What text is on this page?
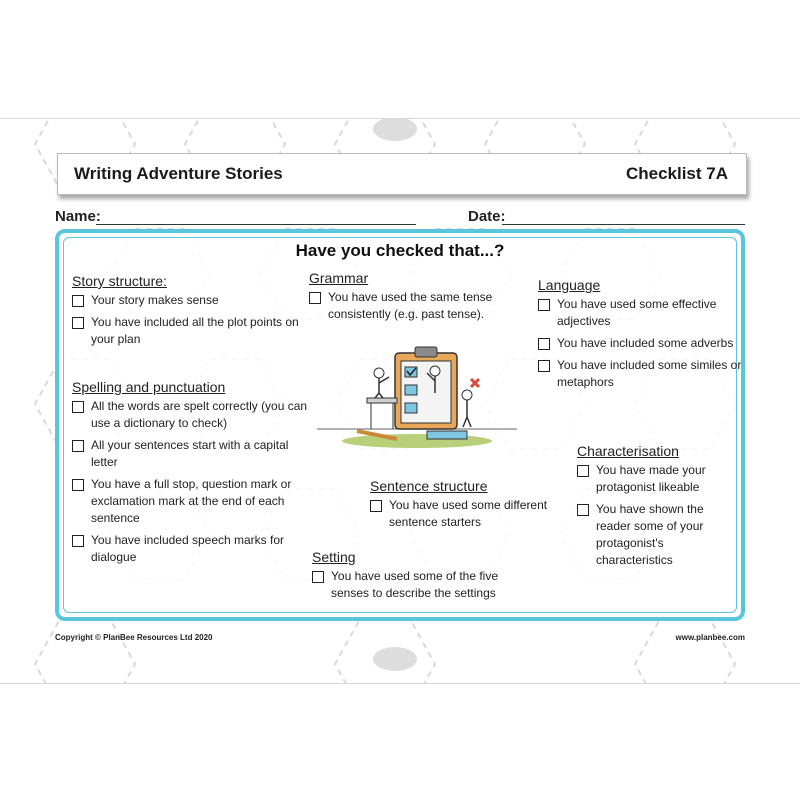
Writing Adventure Stories	Checklist 7A
Name:	Date:
Have you checked that...?
Story structure:
Your story makes sense
You have included all the plot points on your plan
Spelling and punctuation
All the words are spelt correctly (you can use a dictionary to check)
All your sentences start with a capital letter
You have a full stop, question mark or exclamation mark at the end of each sentence
You have included speech marks for dialogue
Grammar
You have used the same tense consistently (e.g. past tense).
Sentence structure
You have used some different sentence starters
Setting
You have used some of the five senses to describe the settings
Language
You have used some effective adjectives
You have included some adverbs
You have included some similes or metaphors
Characterisation
You have made your protagonist likeable
You have shown the reader some of your protagonist's characteristics
Copyright © PlanBee Resources Ltd 2020	www.planbee.com
